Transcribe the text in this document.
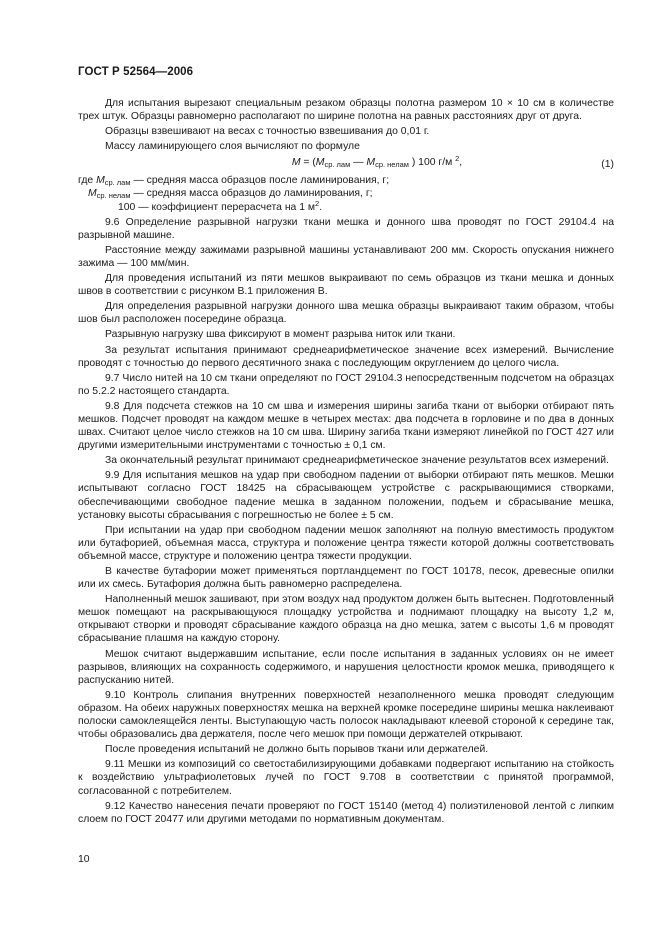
ГОСТ Р 52564—2006

Для испытания вырезают специальным резаком образцы полотна размером 10 × 10 см в количестве трех штук. Образцы равномерно располагают по ширине полотна на равных расстояниях друг от друга.

Образцы взвешивают на весах с точностью взвешивания до 0,01 г.

Массу ламинирующего слоя вычисляют по формуле

$M = (M_{ср. лам}$ — $M_{ср. нелам}$ ) 100 г/м $^2$,	(1)

где $M_{ср. лам}$ — средняя масса образцов после ламинирования, г;

$M_{ср. нелам}$ — средняя масса образцов до ламинирования, г;

100 — коэффициент перерасчета на 1 $м^2$.

9.6 Определение разрывной нагрузки ткани мешка и донного шва проводят по ГОСТ 29104.4 на разрывной машине.

Расстояние между зажимами разрывной машины устанавливают 200 мм. Скорость опускания нижнего зажима — 100 мм/мин.

Для проведения испытаний из пяти мешков выкраивают по семь образцов из ткани мешка и донных швов в соответствии с рисунком В.1 приложения В.

Для определения разрывной нагрузки донного шва мешка образцы выкраивают таким образом, чтобы шов был расположен посередине образца.

Разрывную нагрузку шва фиксируют в момент разрыва ниток или ткани.

За результат испытания принимают среднеарифметическое значение всех измерений. Вычисление проводят с точностью до первого десятичного знака с последующим округлением до целого числа.

9.7 Число нитей на 10 см ткани определяют по ГОСТ 29104.3 непосредственным подсчетом на образцах по 5.2.2 настоящего стандарта.

9.8 Для подсчета стежков на 10 см шва и измерения ширины загиба ткани от выборки отбирают пять мешков. Подсчет проводят на каждом мешке в четырех местах: два подсчета в горловине и по два в донных швах. Считают целое число стежков на 10 см шва. Ширину загиба ткани измеряют линейкой по ГОСТ 427 или другими измерительными инструментами с точностью ± 0,1 см.

За окончательный результат принимают среднеарифметическое значение результатов всех измерений.

9.9 Для испытания мешков на удар при свободном падении от выборки отбирают пять мешков. Мешки испытывают согласно ГОСТ 18425 на сбрасывающем устройстве с раскрывающимися створками, обеспечивающими свободное падение мешка в заданном положении, подъем и сбрасывание мешка, установку высоты сбрасывания с погрешностью не более ± 5 см.

При испытании на удар при свободном падении мешок заполняют на полную вместимость продуктом или бутафорией, объемная масса, структура и положение центра тяжести которой должны соответствовать объемной массе, структуре и положению центра тяжести продукции.

В качестве бутафории может применяться портландцемент по ГОСТ 10178, песок, древесные опилки или их смесь. Бутафория должна быть равномерно распределена.

Наполненный мешок зашивают, при этом воздух над продуктом должен быть вытеснен. Подготовленный мешок помещают на раскрывающуюся площадку устройства и поднимают площадку на высоту 1,2 м, открывают створки и проводят сбрасывание каждого образца на дно мешка, затем с высоты 1,6 м проводят сбрасывание плашмя на каждую сторону.

Мешок считают выдержавшим испытание, если после испытания в заданных условиях он не имеет разрывов, влияющих на сохранность содержимого, и нарушения целостности кромок мешка, приводящего к распусканию нитей.

9.10 Контроль слипания внутренних поверхностей незаполненного мешка проводят следующим образом. На обеих наружных поверхностях мешка на верхней кромке посередине ширины мешка наклеивают полоски самоклеящейся ленты. Выступающую часть полосок накладывают клеевой стороной к середине так, чтобы образовались два держателя, после чего мешок при помощи держателей открывают.

После проведения испытаний не должно быть порывов ткани или держателей.

9.11 Мешки из композиций со светостабилизирующими добавками подвергают испытанию на стойкость к воздействию ультрафиолетовых лучей по ГОСТ 9.708 в соответствии с принятой программой, согласованной с потребителем.

9.12 Качество нанесения печати проверяют по ГОСТ 15140 (метод 4) полиэтиленовой лентой с липким слоем по ГОСТ 20477 или другими методами по нормативным документам.

10
